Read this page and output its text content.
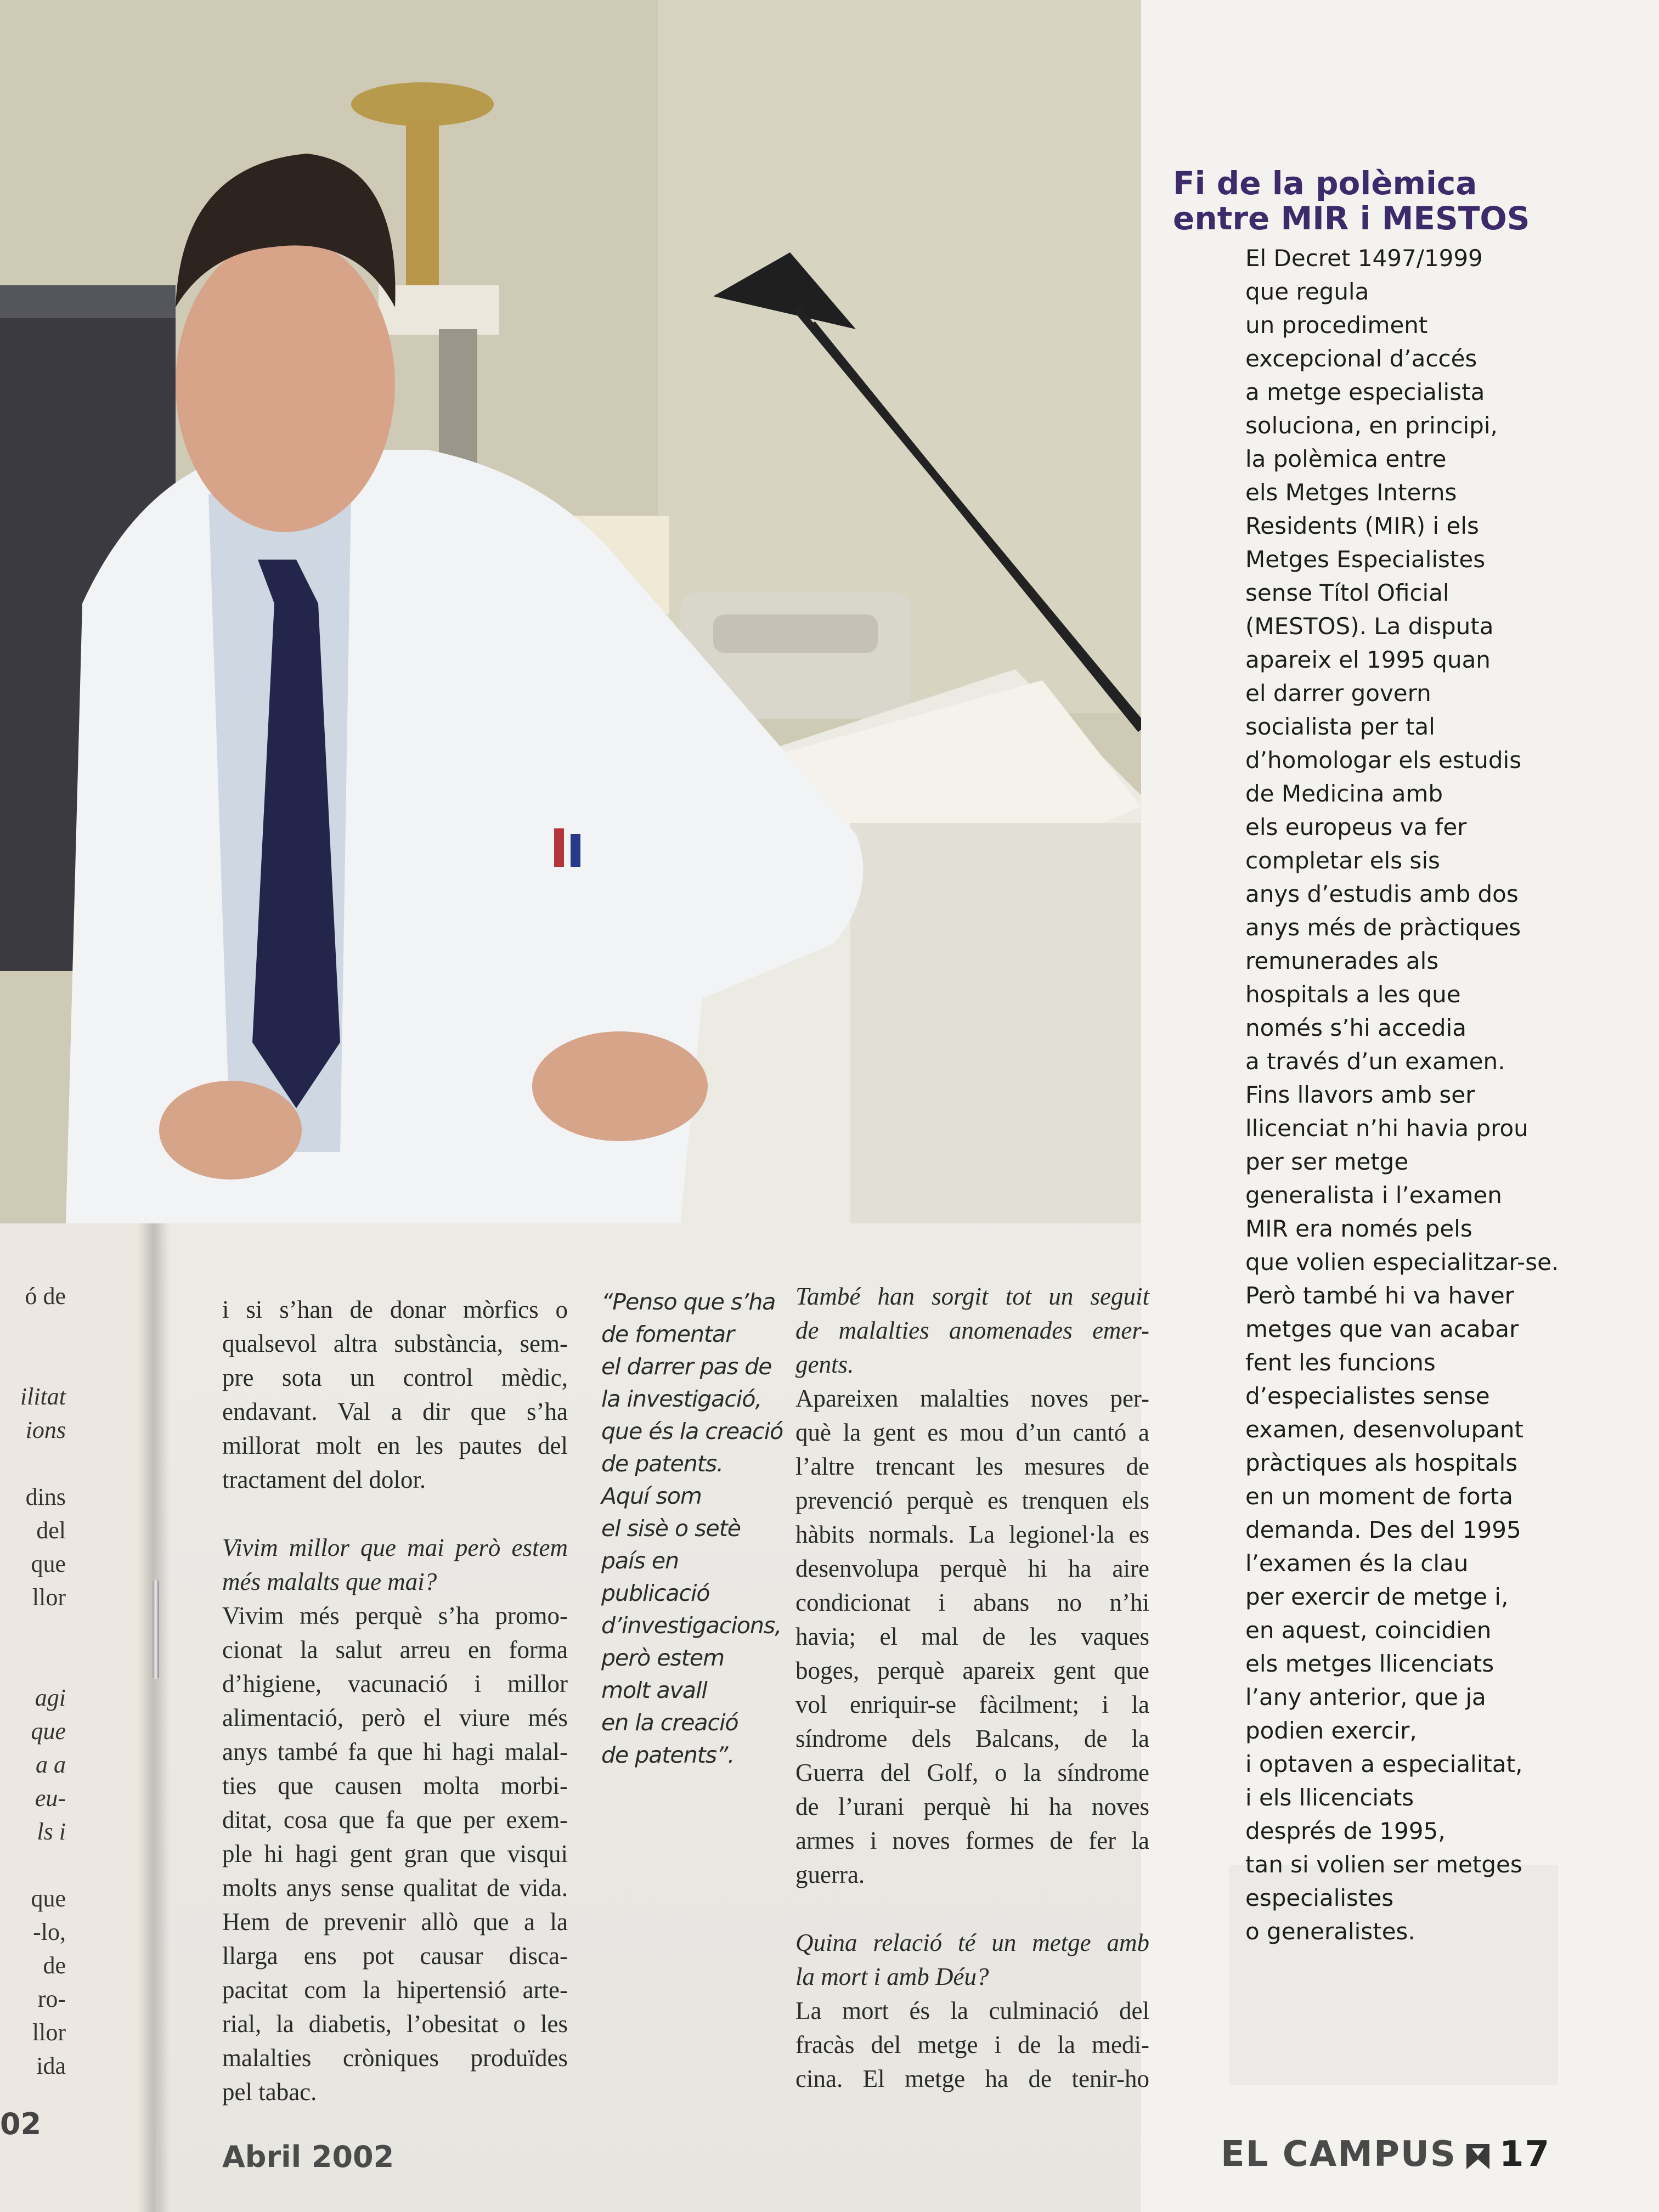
Fi de la polèmica
entre MIR i MESTOS
El Decret 1497/1999
que regula
un procediment
excepcional d’accés
a metge especialista
soluciona, en principi,
la polèmica entre
els Metges Interns
Residents (MIR) i els
Metges Especialistes
sense Títol Oficial
(MESTOS). La disputa
apareix el 1995 quan
el darrer govern
socialista per tal
d’homologar els estudis
de Medicina amb
els europeus va fer
completar els sis
anys d’estudis amb dos
anys més de pràctiques
remunerades als
hospitals a les que
només s’hi accedia
a través d’un examen.
Fins llavors amb ser
llicenciat n’hi havia prou
per ser metge
generalista i l’examen
MIR era només pels
que volien especialitzar-se.
Però també hi va haver
metges que van acabar
fent les funcions
d’especialistes sense
examen, desenvolupant
pràctiques als hospitals
en un moment de forta
demanda. Des del 1995
l’examen és la clau
per exercir de metge i,
en aquest, coincidien
els metges llicenciats
l’any anterior, que ja
podien exercir,
i optaven a especialitat,
i els llicenciats
després de 1995,
tan si volien ser metges
especialistes
o generalistes.
ó de

ilitat
ions

dins
del
que
llor

agi
que
a a
eu-
ls i

que
-lo,
de
ro-
llor
ida
02
i si s’han de donar mòrfics o
qualsevol altra substància, sem-
pre sota un control mèdic,
endavant. Val a dir que s’ha
millorat molt en les pautes del
tractament del dolor.
Vivim millor que mai però estem
més malalts que mai?
Vivim més perquè s’ha promo-
cionat la salut arreu en forma
d’higiene, vacunació i millor
alimentació, però el viure més
anys també fa que hi hagi malal-
ties que causen molta morbi-
ditat, cosa que fa que per exem-
ple hi hagi gent gran que visqui
molts anys sense qualitat de vida.
Hem de prevenir allò que a la
llarga ens pot causar disca-
pacitat com la hipertensió arte-
rial, la diabetis, l’obesitat o les
malalties cròniques produïdes
pel tabac.
“Penso que s’ha
de fomentar
el darrer pas de
la investigació,
que és la creació
de patents.
Aquí som
el sisè o setè
país en
publicació
d’investigacions,
però estem
molt avall
en la creació
de patents”.
També han sorgit tot un seguit
de malalties anomenades emer-
gents.
Apareixen malalties noves per-
què la gent es mou d’un cantó a
l’altre trencant les mesures de
prevenció perquè es trenquen els
hàbits normals. La legionel·la es
desenvolupa perquè hi ha aire
condicionat i abans no n’hi
havia; el mal de les vaques
boges, perquè apareix gent que
vol enriquir-se fàcilment; i la
síndrome dels Balcans, de la
Guerra del Golf, o la síndrome
de l’urani perquè hi ha noves
armes i noves formes de fer la
guerra.
Quina relació té un metge amb
la mort i amb Déu?
La mort és la culminació del
fracàs del metge i de la medi-
cina. El metge ha de tenir-ho
Abril 2002	EL CAMPUS 17
